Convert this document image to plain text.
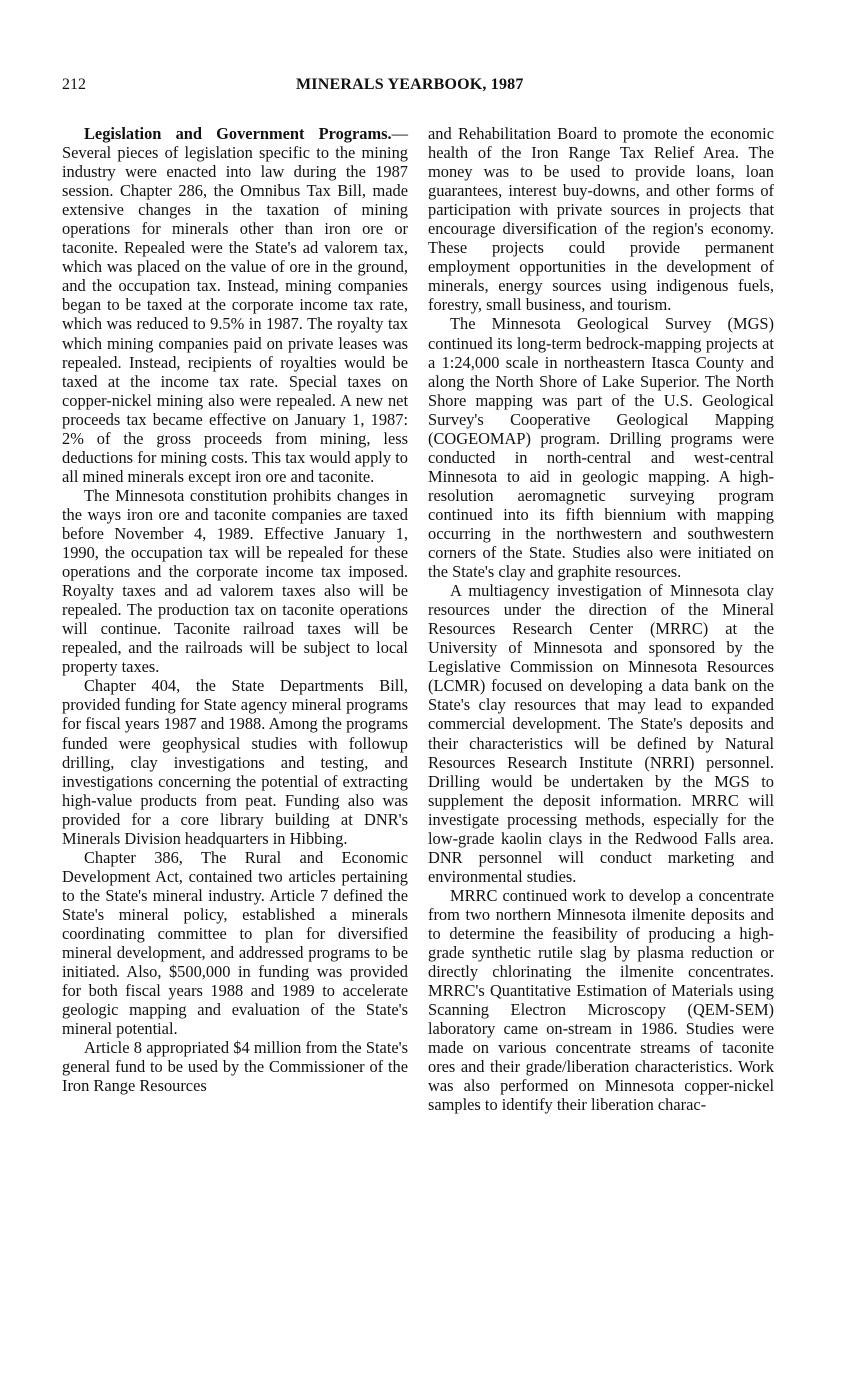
212	MINERALS YEARBOOK, 1987

Legislation and Government Programs.—Several pieces of legislation specific to the mining industry were enacted into law during the 1987 session. Chapter 286, the Omnibus Tax Bill, made extensive changes in the taxation of mining operations for minerals other than iron ore or taconite. Repealed were the State's ad valorem tax, which was placed on the value of ore in the ground, and the occupation tax. Instead, mining companies began to be taxed at the corporate income tax rate, which was reduced to 9.5% in 1987. The royalty tax which mining companies paid on private leases was repealed. Instead, recipients of royalties would be taxed at the income tax rate. Special taxes on copper-nickel mining also were repealed. A new net proceeds tax became effective on January 1, 1987: 2% of the gross proceeds from mining, less deductions for mining costs. This tax would apply to all mined minerals except iron ore and taconite.

The Minnesota constitution prohibits changes in the ways iron ore and taconite companies are taxed before November 4, 1989. Effective January 1, 1990, the occupation tax will be repealed for these operations and the corporate income tax imposed. Royalty taxes and ad valorem taxes also will be repealed. The production tax on taconite operations will continue. Taconite railroad taxes will be repealed, and the railroads will be subject to local property taxes.

Chapter 404, the State Departments Bill, provided funding for State agency mineral programs for fiscal years 1987 and 1988. Among the programs funded were geophysical studies with followup drilling, clay investigations and testing, and investigations concerning the potential of extracting high-value products from peat. Funding also was provided for a core library building at DNR's Minerals Division headquarters in Hibbing.

Chapter 386, The Rural and Economic Development Act, contained two articles pertaining to the State's mineral industry. Article 7 defined the State's mineral policy, established a minerals coordinating committee to plan for diversified mineral development, and addressed programs to be initiated. Also, $500,000 in funding was provided for both fiscal years 1988 and 1989 to accelerate geologic mapping and evaluation of the State's mineral potential.

Article 8 appropriated $4 million from the State's general fund to be used by the Commissioner of the Iron Range Resources

and Rehabilitation Board to promote the economic health of the Iron Range Tax Relief Area. The money was to be used to provide loans, loan guarantees, interest buy-downs, and other forms of participation with private sources in projects that encourage diversification of the region's economy. These projects could provide permanent employment opportunities in the development of minerals, energy sources using indigenous fuels, forestry, small business, and tourism.

The Minnesota Geological Survey (MGS) continued its long-term bedrock-mapping projects at a 1:24,000 scale in northeastern Itasca County and along the North Shore of Lake Superior. The North Shore mapping was part of the U.S. Geological Survey's Cooperative Geological Mapping (COGEOMAP) program. Drilling programs were conducted in north-central and west-central Minnesota to aid in geologic mapping. A high-resolution aeromagnetic surveying program continued into its fifth biennium with mapping occurring in the northwestern and southwestern corners of the State. Studies also were initiated on the State's clay and graphite resources.

A multiagency investigation of Minnesota clay resources under the direction of the Mineral Resources Research Center (MRRC) at the University of Minnesota and sponsored by the Legislative Commission on Minnesota Resources (LCMR) focused on developing a data bank on the State's clay resources that may lead to expanded commercial development. The State's deposits and their characteristics will be defined by Natural Resources Research Institute (NRRI) personnel. Drilling would be undertaken by the MGS to supplement the deposit information. MRRC will investigate processing methods, especially for the low-grade kaolin clays in the Redwood Falls area. DNR personnel will conduct marketing and environmental studies.

MRRC continued work to develop a concentrate from two northern Minnesota ilmenite deposits and to determine the feasibility of producing a high-grade synthetic rutile slag by plasma reduction or directly chlorinating the ilmenite concentrates. MRRC's Quantitative Estimation of Materials using Scanning Electron Microscopy (QEM-SEM) laboratory came on-stream in 1986. Studies were made on various concentrate streams of taconite ores and their grade/liberation characteristics. Work was also performed on Minnesota copper-nickel samples to identify their liberation charac-
